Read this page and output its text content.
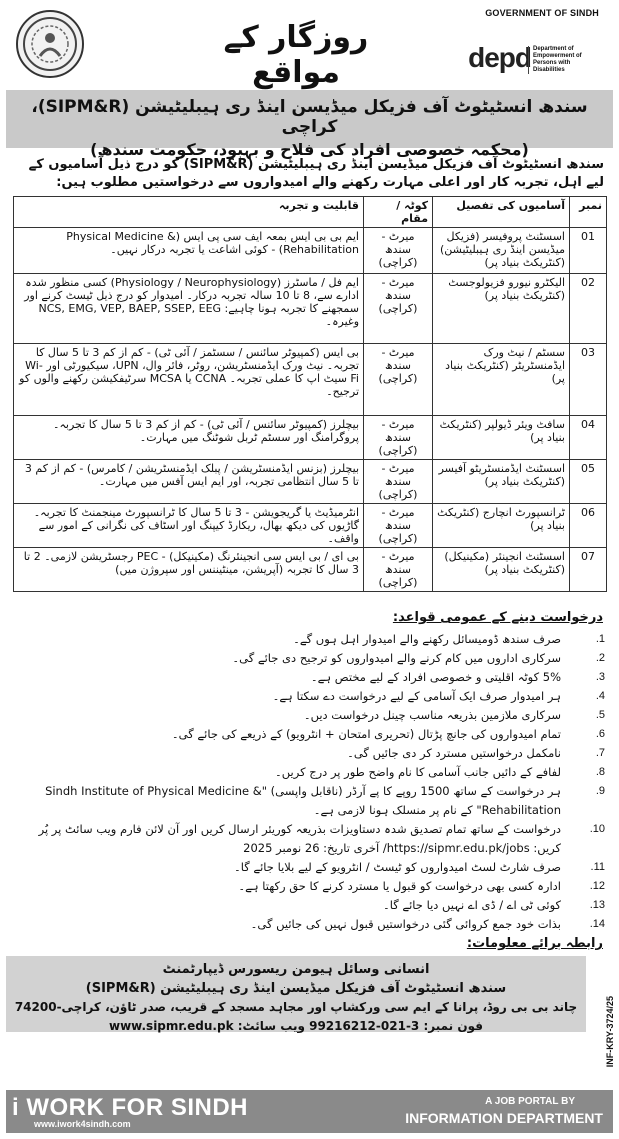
روزگار کے مواقع
GOVERNMENT OF SINDH
depd Department of Empowerment of Persons with Disabilities
سندھ انسٹیٹوٹ آف فزیکل میڈیسن اینڈ ری ہیبلیٹیشن (SIPM&R)، کراچی
(محکمہ خصوصی افراد کی فلاح و بہبود، حکومت سندھ)
سندھ انسٹیٹوٹ آف فزیکل میڈیسن اینڈ ری ہیبلیٹیشن (SIPM&R) کو درج ذیل آسامیوں کے لیے اہل، تجربہ کار اور اعلی مہارت رکھنے والے امیدواروں سے درخواستیں مطلوب ہیں:
نمبر	آسامیوں کی تفصیل	کوٹہ / مقام	قابلیت و تجربہ
01	اسسٹنٹ پروفیسر (فزیکل میڈیسن اینڈ ری ہیبلیٹیشن) (کنٹریکٹ بنیاد پر)	میرٹ - سندھ (کراچی)	ایم بی بی ایس بمعہ ایف سی پی ایس (Physical Medicine & Rehabilitation) - کوئی اشاعت یا تجربہ درکار نہیں۔
02	الیکٹرو نیورو فزیولوجسٹ (کنٹریکٹ بنیاد پر)	میرٹ - سندھ (کراچی)	ایم فل / ماسٹرز (Physiology / Neurophysiology) کسی منظور شدہ ادارے سے، 8 تا 10 سالہ تجربہ درکار۔ امیدوار کو درج ذیل ٹیسٹ کرنے اور سمجھنے کا تجربہ ہونا چاہیے: NCS, EMG, VEP, BAEP, SSEP, EEG وغیرہ۔
03	سسٹم / نیٹ ورک ایڈمنسٹریٹر (کنٹریکٹ بنیاد پر)	میرٹ - سندھ (کراچی)	بی ایس (کمپیوٹر سائنس / سسٹمز / آئی ٹی) - کم از کم 3 تا 5 سال کا تجربہ۔ نیٹ ورک ایڈمنسٹریشن، روٹر، فائر وال، UPN، سیکیورٹی اور Wi-Fi سیٹ اپ کا عملی تجربہ۔ CCNA یا MCSA سرٹیفکیشن رکھنے والوں کو ترجیح۔
04	سافٹ ویئر ڈیولپر (کنٹریکٹ بنیاد پر)	میرٹ - سندھ (کراچی)	بیچلرز (کمپیوٹر سائنس / آئی ٹی) - کم از کم 3 تا 5 سال کا تجربہ۔ پروگرامنگ اور سسٹم ٹربل شوٹنگ میں مہارت۔
05	اسسٹنٹ ایڈمنسٹریٹو آفیسر (کنٹریکٹ بنیاد پر)	میرٹ - سندھ (کراچی)	بیچلرز (بزنس ایڈمنسٹریشن / پبلک ایڈمنسٹریشن / کامرس) - کم از کم 3 تا 5 سال انتظامی تجربہ، اور ایم ایس آفس میں مہارت۔
06	ٹرانسپورٹ انچارج (کنٹریکٹ بنیاد پر)	میرٹ - سندھ (کراچی)	انٹرمیڈیٹ یا گریجویشن - 3 تا 5 سال کا ٹرانسپورٹ مینجمنٹ کا تجربہ۔ گاڑیوں کی دیکھ بھال، ریکارڈ کیپنگ اور اسٹاف کی نگرانی کے امور سے واقف۔
07	اسسٹنٹ انجینئر (مکینیکل) (کنٹریکٹ بنیاد پر)	میرٹ - سندھ (کراچی)	بی ای / بی ایس سی انجینئرنگ (مکینیکل) - PEC رجسٹریشن لازمی۔ 2 تا 3 سال کا تجربہ (آپریشن، مینٹیننس اور سپروژن میں)
درخواست دینے کے عمومی قواعد:
1.
صرف سندھ ڈومیسائل رکھنے والے امیدوار اہل ہوں گے۔
2.
سرکاری اداروں میں کام کرنے والے امیدواروں کو ترجیح دی جائے گی۔
3.
5% کوٹہ اقلیتی و خصوصی افراد کے لیے مختص ہے۔
4.
ہر امیدوار صرف ایک آسامی کے لیے درخواست دے سکتا ہے۔
5.
سرکاری ملازمین بذریعہ مناسب چینل درخواست دیں۔
6.
تمام امیدواروں کی جانچ پڑتال (تحریری امتحان + انٹرویو) کے ذریعے کی جائے گی۔
7.
نامکمل درخواستیں مسترد کر دی جائیں گی۔
8.
لفافے کے دائیں جانب آسامی کا نام واضح طور پر درج کریں۔
9.
ہر درخواست کے ساتھ 1500 روپے کا پے آرڈر (ناقابل واپسی) "Sindh Institute of Physical Medicine & Rehabilitation" کے نام پر منسلک ہونا لازمی ہے۔
10.
درخواست کے ساتھ تمام تصدیق شدہ دستاویزات بذریعہ کوریئر ارسال کریں اور آن لائن فارم ویب سائٹ پر پُر کریں: https://sipmr.edu.pk/jobs/ آخری تاریخ: 26 نومبر 2025
11.
صرف شارٹ لسٹ امیدواروں کو ٹیسٹ / انٹرویو کے لیے بلایا جائے گا۔
12.
ادارہ کسی بھی درخواست کو قبول یا مسترد کرنے کا حق رکھتا ہے۔
13.
کوئی ٹی اے / ڈی اے نہیں دیا جائے گا۔
14.
بذات خود جمع کروائی گئی درخواستیں قبول نہیں کی جائیں گی۔
رابطہ برائے معلومات:
انسانی وسائل ہیومن ریسورس ڈیپارٹمنٹ
سندھ انسٹیٹوٹ آف فزیکل میڈیسن اینڈ ری ہیبلیٹیشن (SIPM&R)
چاند بی بی روڈ، پرانا کے ایم سی ورکشاپ اور مجاہد مسجد کے قریب، صدر ٹاؤن، کراچی-74200
فون نمبر: 3-021-99216212 ویب سائٹ: www.sipmr.edu.pk	INF-KRY-3724/25
i WORK FOR SINDH
www.iwork4sindh.com
A JOB PORTAL BY
INFORMATION DEPARTMENT
